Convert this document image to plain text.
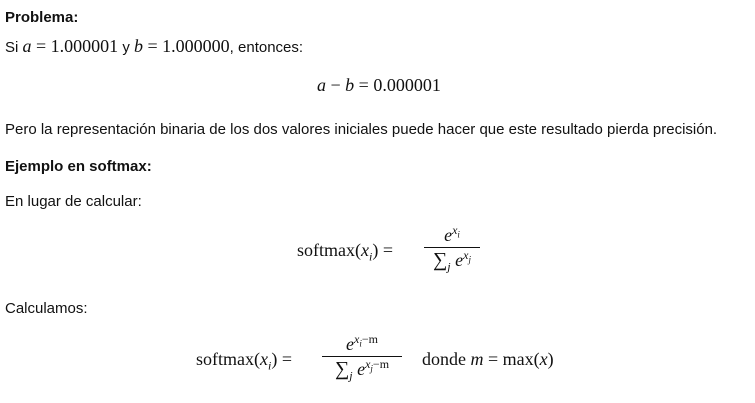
Problema:
Si a = 1.000001 y b = 1.000000, entonces:
a − b = 0.000001
Pero la representación binaria de los dos valores iniciales puede hacer que este resultado pierda precisión.
Ejemplo en softmax:
En lugar de calcular:
$softmax(x_i)$ =
$e^{x_i}$
$\sum_j$ $e^{x_j}$
Calculamos:
$softmax(x_i)$ =
$e^{x_i-m}$
$\sum_j$ $e^{x_j-m}$	donde m = max(x)
